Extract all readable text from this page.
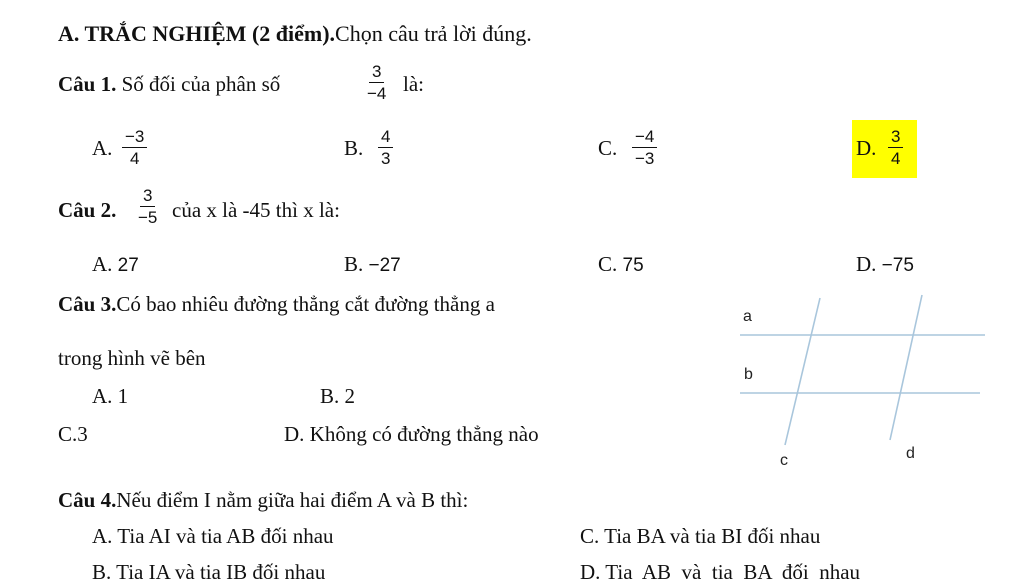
A. TRẮC NGHIỆM (2 điểm).Chọn câu trả lời đúng.
Câu 1. Số đối của phân số	$\frac{3}{-4}$ là:
A. $\frac{-3}{4}$	B. $\frac{4}{3}$	C. $\frac{-4}{-3}$	D. $\frac{3}{4}$
Câu 2. $\frac{3}{-5}$ của x là -45 thì x là:
A. 27	B. −27	C. 75	D. −75
Câu 3.Có bao nhiêu đường thẳng cắt đường thẳng a
trong hình vẽ bên
A. 1	B. 2
C.3	D. Không có đường thẳng nào
a
b
c	d
Câu 4.Nếu điểm I nằm giữa hai điểm A và B thì:
A. Tia AI và tia AB đối nhau	C. Tia BA và tia BI đối nhau
B. Tia IA và tia IB đối nhau	D. Tia  AB  và  tia  BA  đối  nhau
